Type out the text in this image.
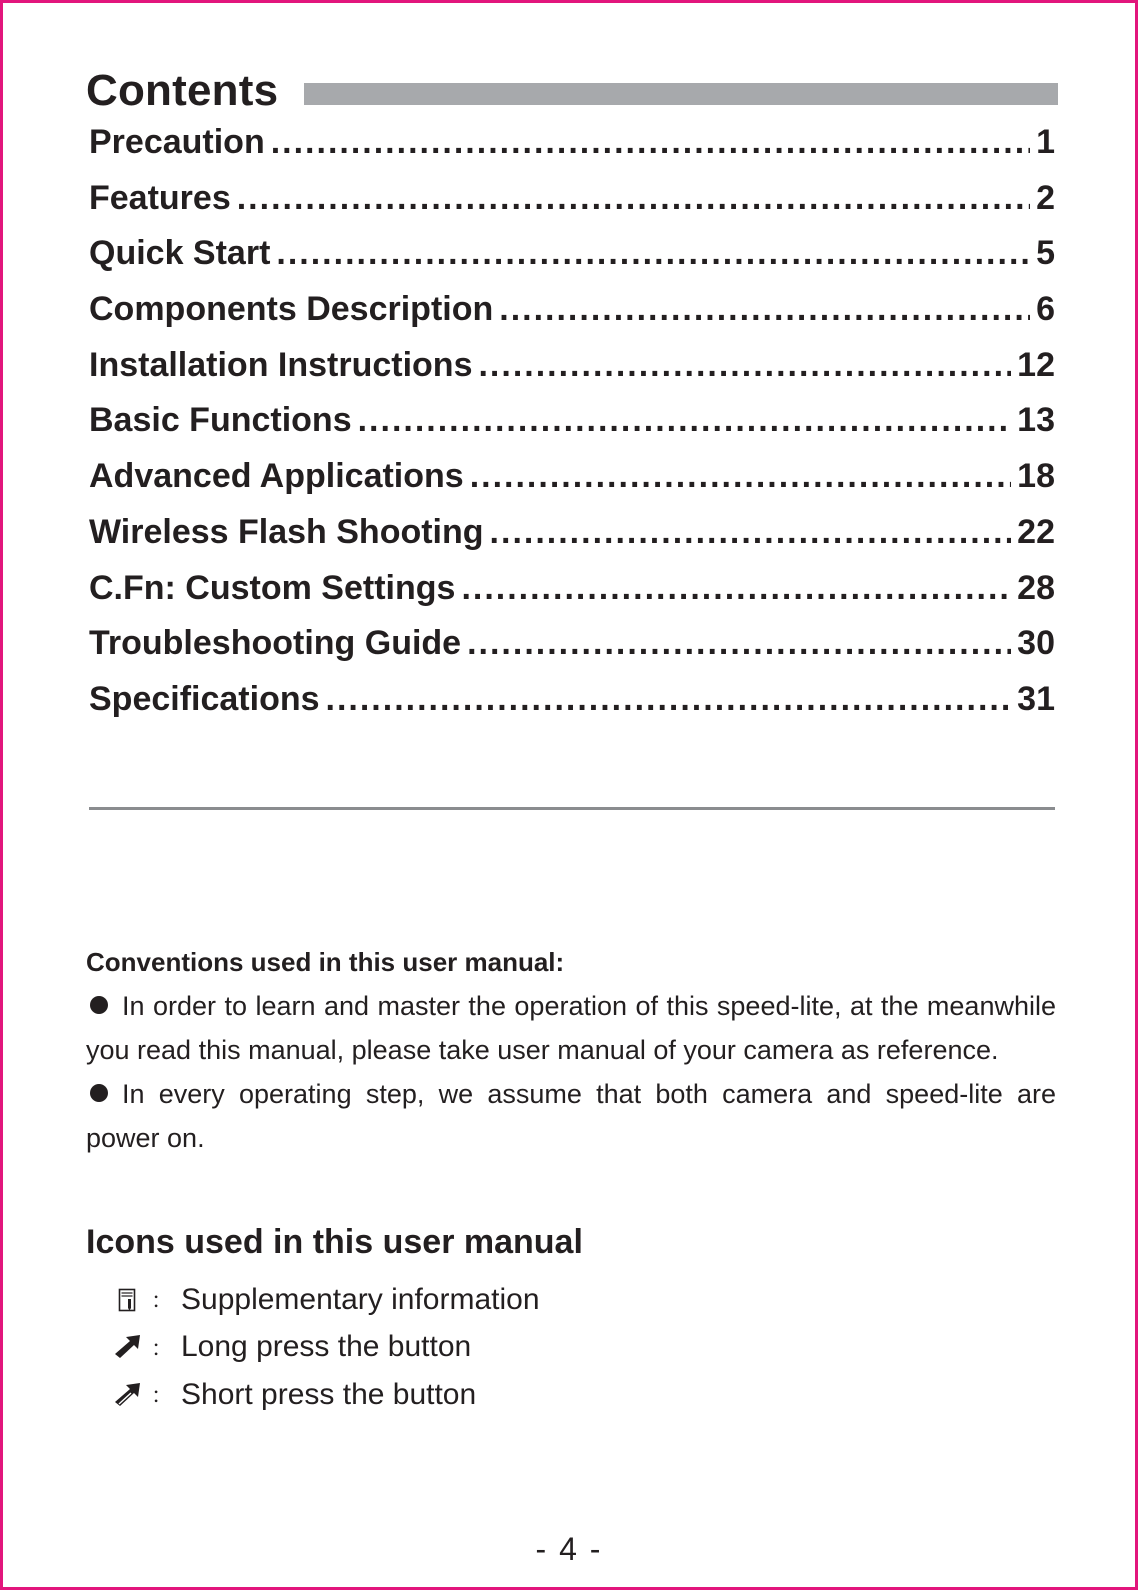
Contents
Precaution .....	1
Features .....	2
Quick Start .....	5
Components Description .....	6
Installation Instructions .....	12
Basic Functions .....	13
Advanced Applications .....	18
Wireless Flash Shooting .....	22
C.Fn: Custom Settings .....	28
Troubleshooting Guide .....	30
Specifications .....	31
Conventions used in this user manual:

In order to learn and master the operation of this speed-lite, at the meanwhile you read this manual, please take user manual of your camera as reference.

In every operating step, we assume that both camera and speed-lite are power on.

Icons used in this user manual
： Supplementary information
： Long press the button
： Short press the button
- 4 -
